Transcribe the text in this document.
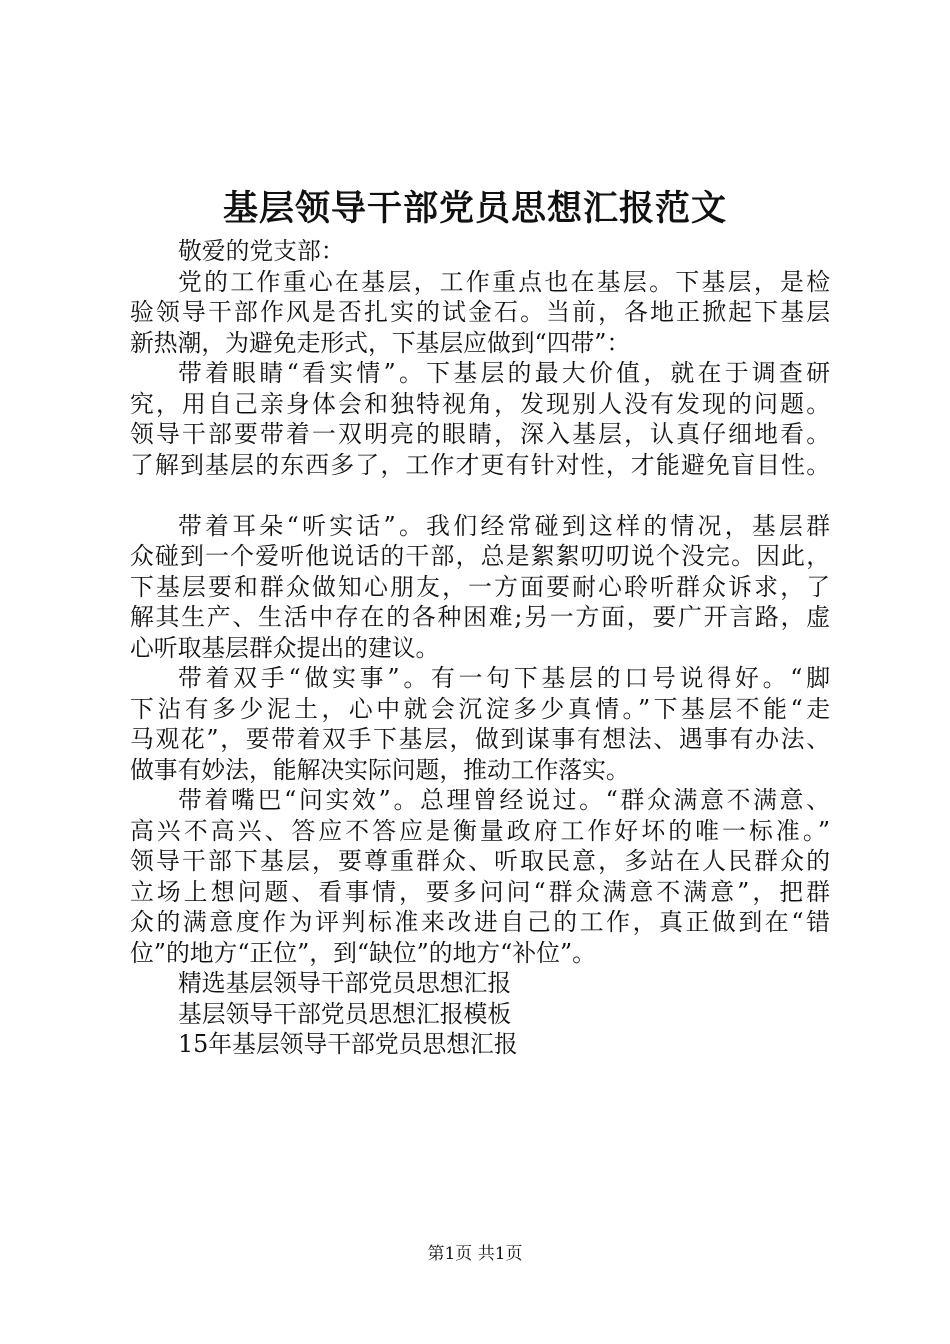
基层领导干部党员思想汇报范文
敬爱的党支部：
党的工作重心在基层，工作重点也在基层。下基层，是检
验领导干部作风是否扎实的试金石。当前，各地正掀起下基层
新热潮，为避免走形式，下基层应做到“四带”：
带着眼睛“看实情”。下基层的最大价值，就在于调查研
究，用自己亲身体会和独特视角，发现别人没有发现的问题。
领导干部要带着一双明亮的眼睛，深入基层，认真仔细地看。
了解到基层的东西多了，工作才更有针对性，才能避免盲目性。
带着耳朵“听实话”。我们经常碰到这样的情况，基层群
众碰到一个爱听他说话的干部，总是絮絮叨叨说个没完。因此，
下基层要和群众做知心朋友，一方面要耐心聆听群众诉求，了
解其生产、生活中存在的各种困难;另一方面，要广开言路，虚
心听取基层群众提出的建议。
带着双手“做实事”。有一句下基层的口号说得好。“脚
下沾有多少泥土，心中就会沉淀多少真情。”下基层不能“走
马观花”，要带着双手下基层，做到谋事有想法、遇事有办法、
做事有妙法，能解决实际问题，推动工作落实。
带着嘴巴“问实效”。总理曾经说过。“群众满意不满意、
高兴不高兴、答应不答应是衡量政府工作好坏的唯一标准。”
领导干部下基层，要尊重群众、听取民意，多站在人民群众的
立场上想问题、看事情，要多问问“群众满意不满意”，把群
众的满意度作为评判标准来改进自己的工作，真正做到在“错
位”的地方“正位”，到“缺位”的地方“补位”。
精选基层领导干部党员思想汇报
基层领导干部党员思想汇报模板
15年基层领导干部党员思想汇报
第1页 共1页
